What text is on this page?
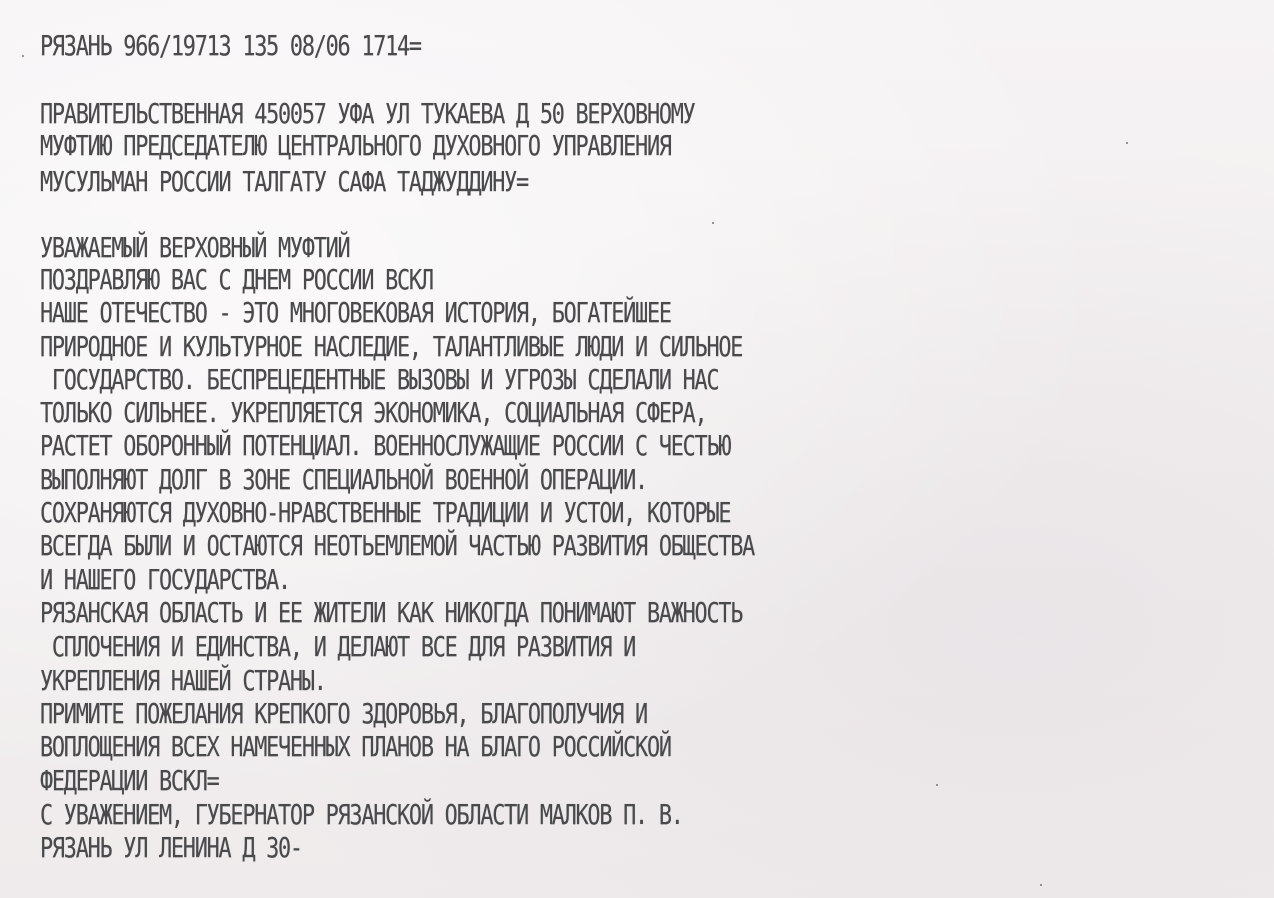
РЯЗАНЬ 966/19713 135 08/06 1714=

ПРАВИТЕЛЬСТВЕННАЯ 450057 УФА УЛ ТУКАЕВА Д 50 ВЕРХОВНОМУ

МУФТИЮ ПРЕДСЕДАТЕЛЮ ЦЕНТРАЛЬНОГО ДУХОВНОГО УПРАВЛЕНИЯ

МУСУЛЬМАН РОССИИ ТАЛГАТУ САФА ТАДЖУДДИНУ=

УВАЖАЕМЫЙ ВЕРХОВНЫЙ МУФТИЙ

ПОЗДРАВЛЯЮ ВАС С ДНЕМ РОССИИ ВСКЛ

НАШЕ ОТЕЧЕСТВО - ЭТО МНОГОВЕКОВАЯ ИСТОРИЯ, БОГАТЕЙШЕЕ

ПРИРОДНОЕ И КУЛЬТУРНОЕ НАСЛЕДИЕ, ТАЛАНТЛИВЫЕ ЛЮДИ И СИЛЬНОЕ

ГОСУДАРСТВО. БЕСПРЕЦЕДЕНТНЫЕ ВЫЗОВЫ И УГРОЗЫ СДЕЛАЛИ НАС

ТОЛЬКО СИЛЬНЕЕ. УКРЕПЛЯЕТСЯ ЭКОНОМИКА, СОЦИАЛЬНАЯ СФЕРА,

РАСТЕТ ОБОРОННЫЙ ПОТЕНЦИАЛ. ВОЕННОСЛУЖАЩИЕ РОССИИ С ЧЕСТЬЮ

ВЫПОЛНЯЮТ ДОЛГ В ЗОНЕ СПЕЦИАЛЬНОЙ ВОЕННОЙ ОПЕРАЦИИ.

СОХРАНЯЮТСЯ ДУХОВНО-НРАВСТВЕННЫЕ ТРАДИЦИИ И УСТОИ, КОТОРЫЕ

ВСЕГДА БЫЛИ И ОСТАЮТСЯ НЕОТЬЕМЛЕМОЙ ЧАСТЬЮ РАЗВИТИЯ ОБЩЕСТВА

И НАШЕГО ГОСУДАРСТВА.

РЯЗАНСКАЯ ОБЛАСТЬ И ЕЕ ЖИТЕЛИ КАК НИКОГДА ПОНИМАЮТ ВАЖНОСТЬ

СПЛОЧЕНИЯ И ЕДИНСТВА, И ДЕЛАЮТ ВСЕ ДЛЯ РАЗВИТИЯ И

УКРЕПЛЕНИЯ НАШЕЙ СТРАНЫ.

ПРИМИТЕ ПОЖЕЛАНИЯ КРЕПКОГО ЗДОРОВЬЯ, БЛАГОПОЛУЧИЯ И

ВОПЛОЩЕНИЯ ВСЕХ НАМЕЧЕННЫХ ПЛАНОВ НА БЛАГО РОССИЙСКОЙ

ФЕДЕРАЦИИ ВСКЛ=

С УВАЖЕНИЕМ, ГУБЕРНАТОР РЯЗАНСКОЙ ОБЛАСТИ МАЛКОВ П. В.

РЯЗАНЬ УЛ ЛЕНИНА Д 30-
